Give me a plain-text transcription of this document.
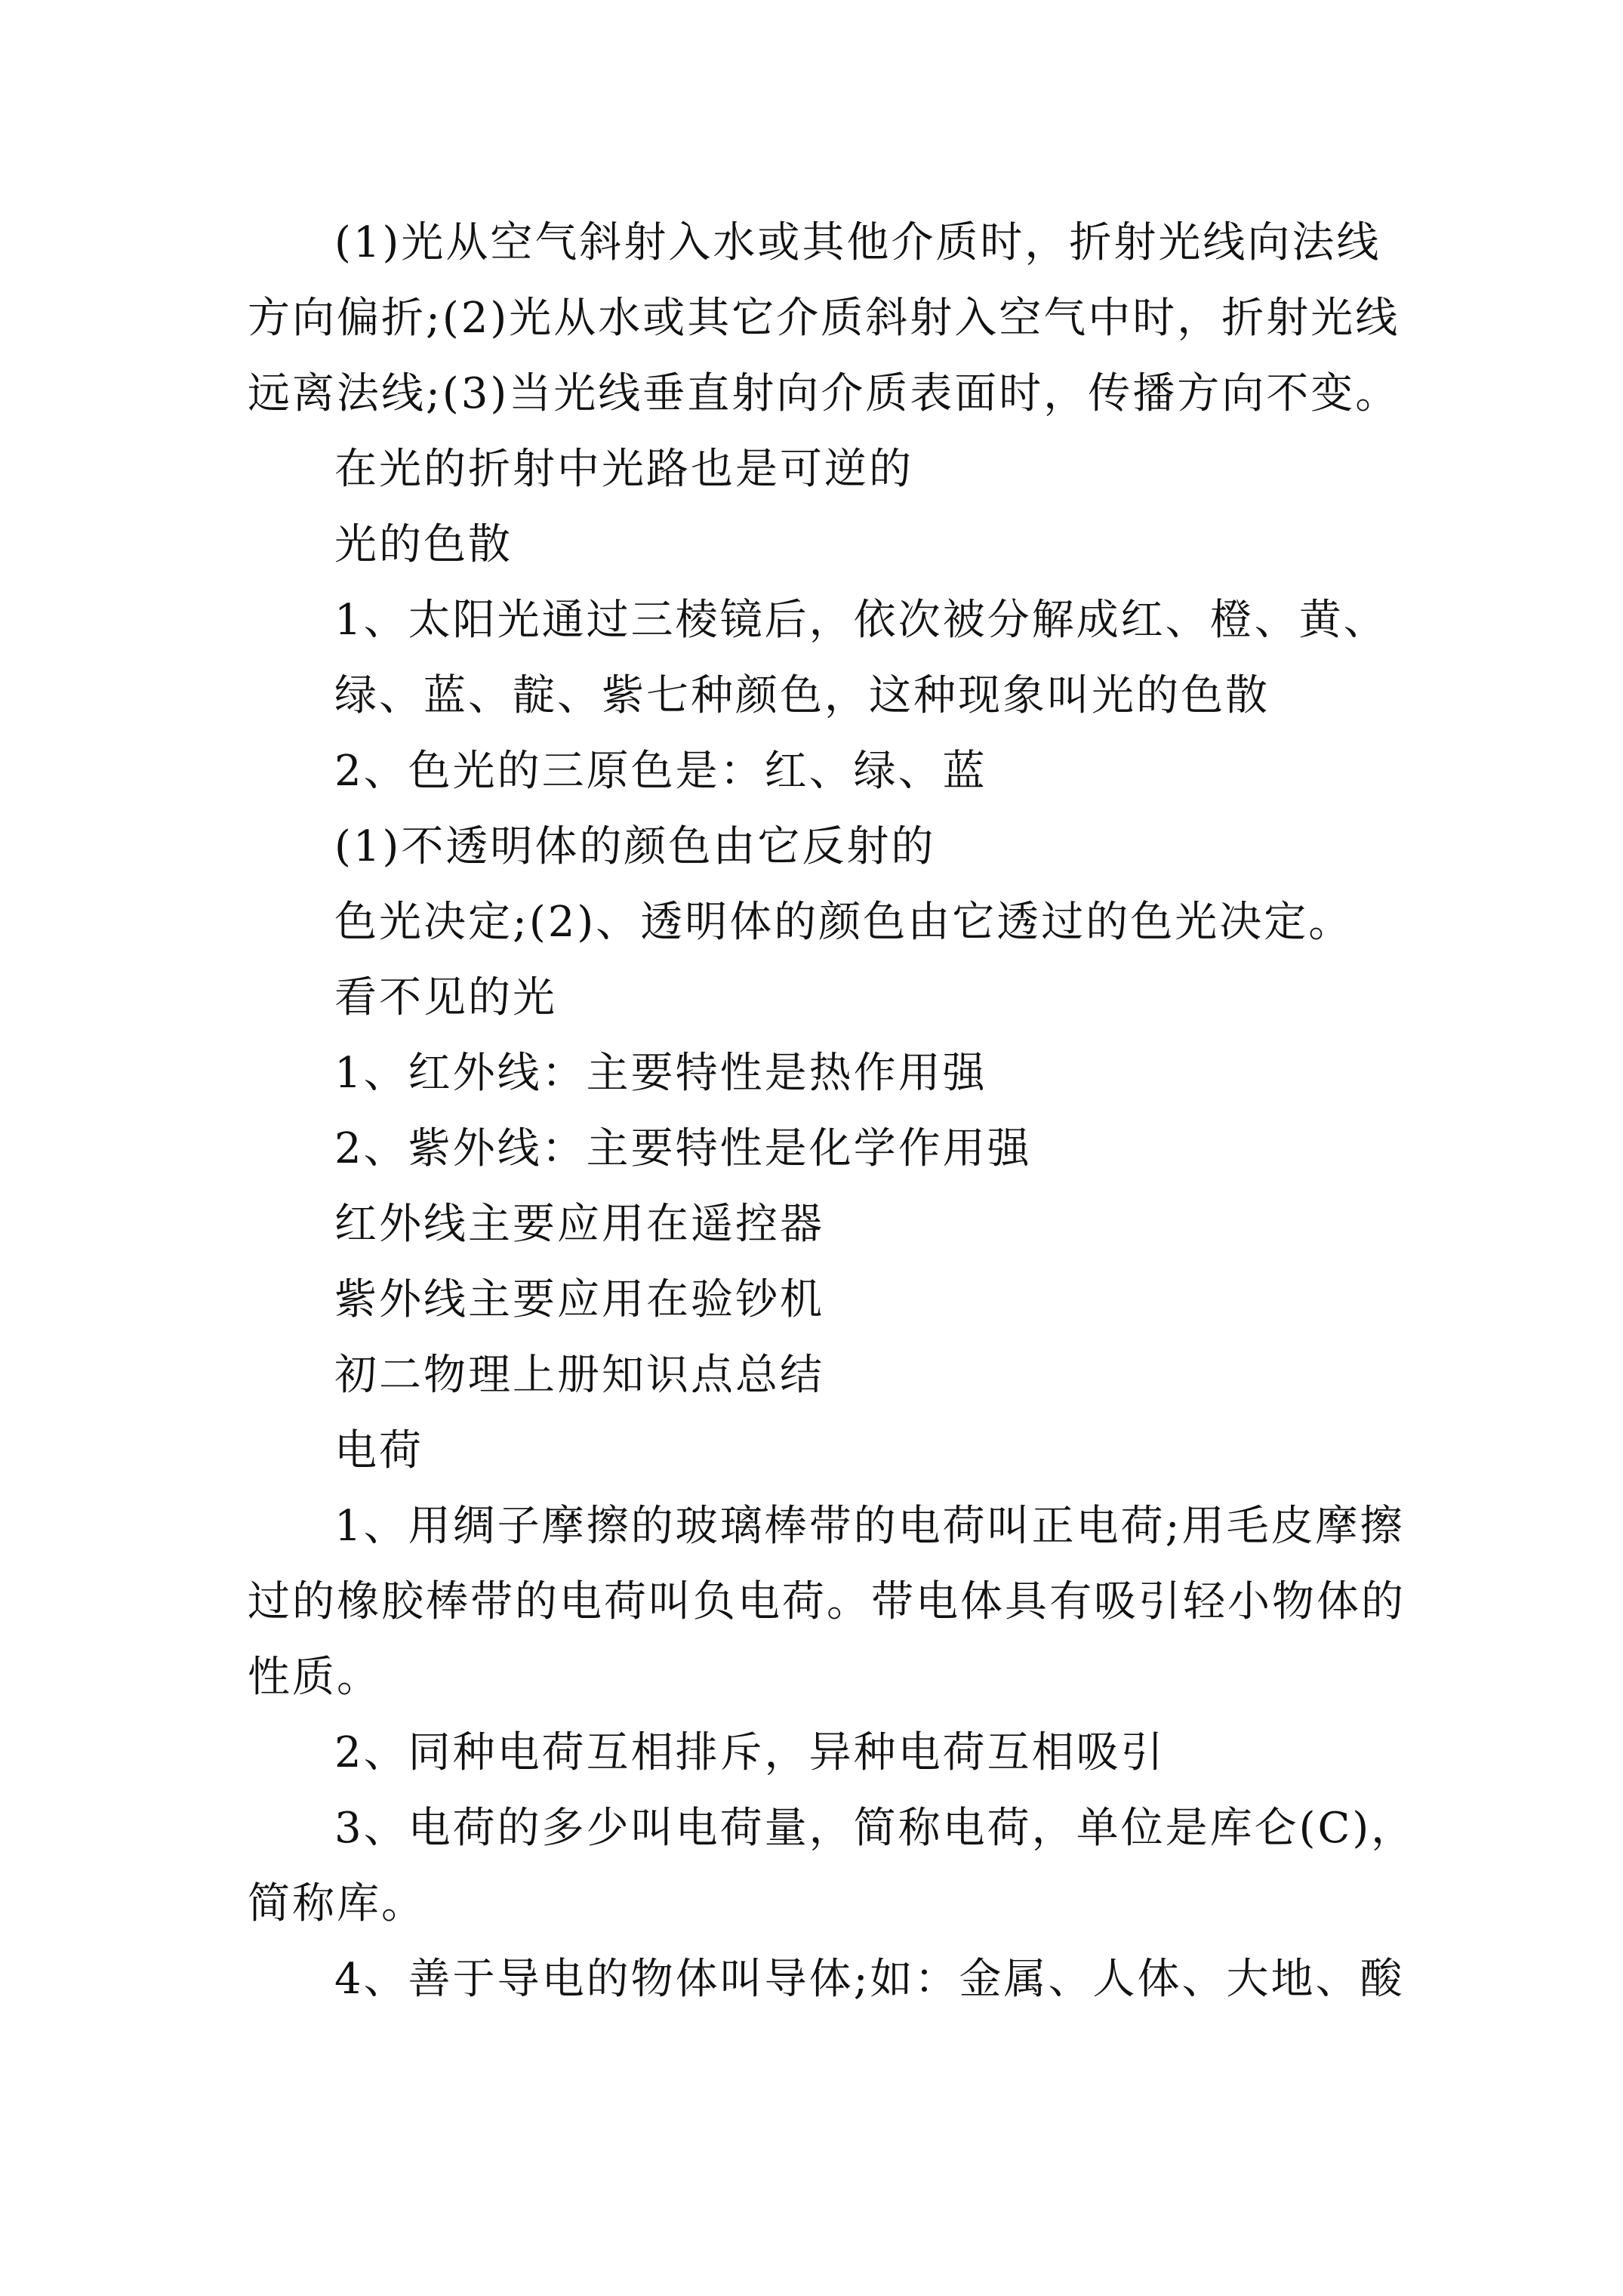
(1)光从空气斜射入水或其他介质时，折射光线向法线

方向偏折;(2)光从水或其它介质斜射入空气中时，折射光线

远离法线;(3)当光线垂直射向介质表面时，传播方向不变。

在光的折射中光路也是可逆的

光的色散

1、太阳光通过三棱镜后，依次被分解成红、橙、黄、

绿、蓝、靛、紫七种颜色，这种现象叫光的色散

2、色光的三原色是：红、绿、蓝

(1)不透明体的颜色由它反射的

色光决定;(2)、透明体的颜色由它透过的色光决定。

看不见的光

1、红外线：主要特性是热作用强

2、紫外线：主要特性是化学作用强

红外线主要应用在遥控器

紫外线主要应用在验钞机

初二物理上册知识点总结

电荷

1、用绸子摩擦的玻璃棒带的电荷叫正电荷;用毛皮摩擦

过的橡胶棒带的电荷叫负电荷。带电体具有吸引轻小物体的

性质。

2、同种电荷互相排斥，异种电荷互相吸引

3、电荷的多少叫电荷量，简称电荷，单位是库仑(C)，

简称库。

4、善于导电的物体叫导体;如：金属、人体、大地、酸
